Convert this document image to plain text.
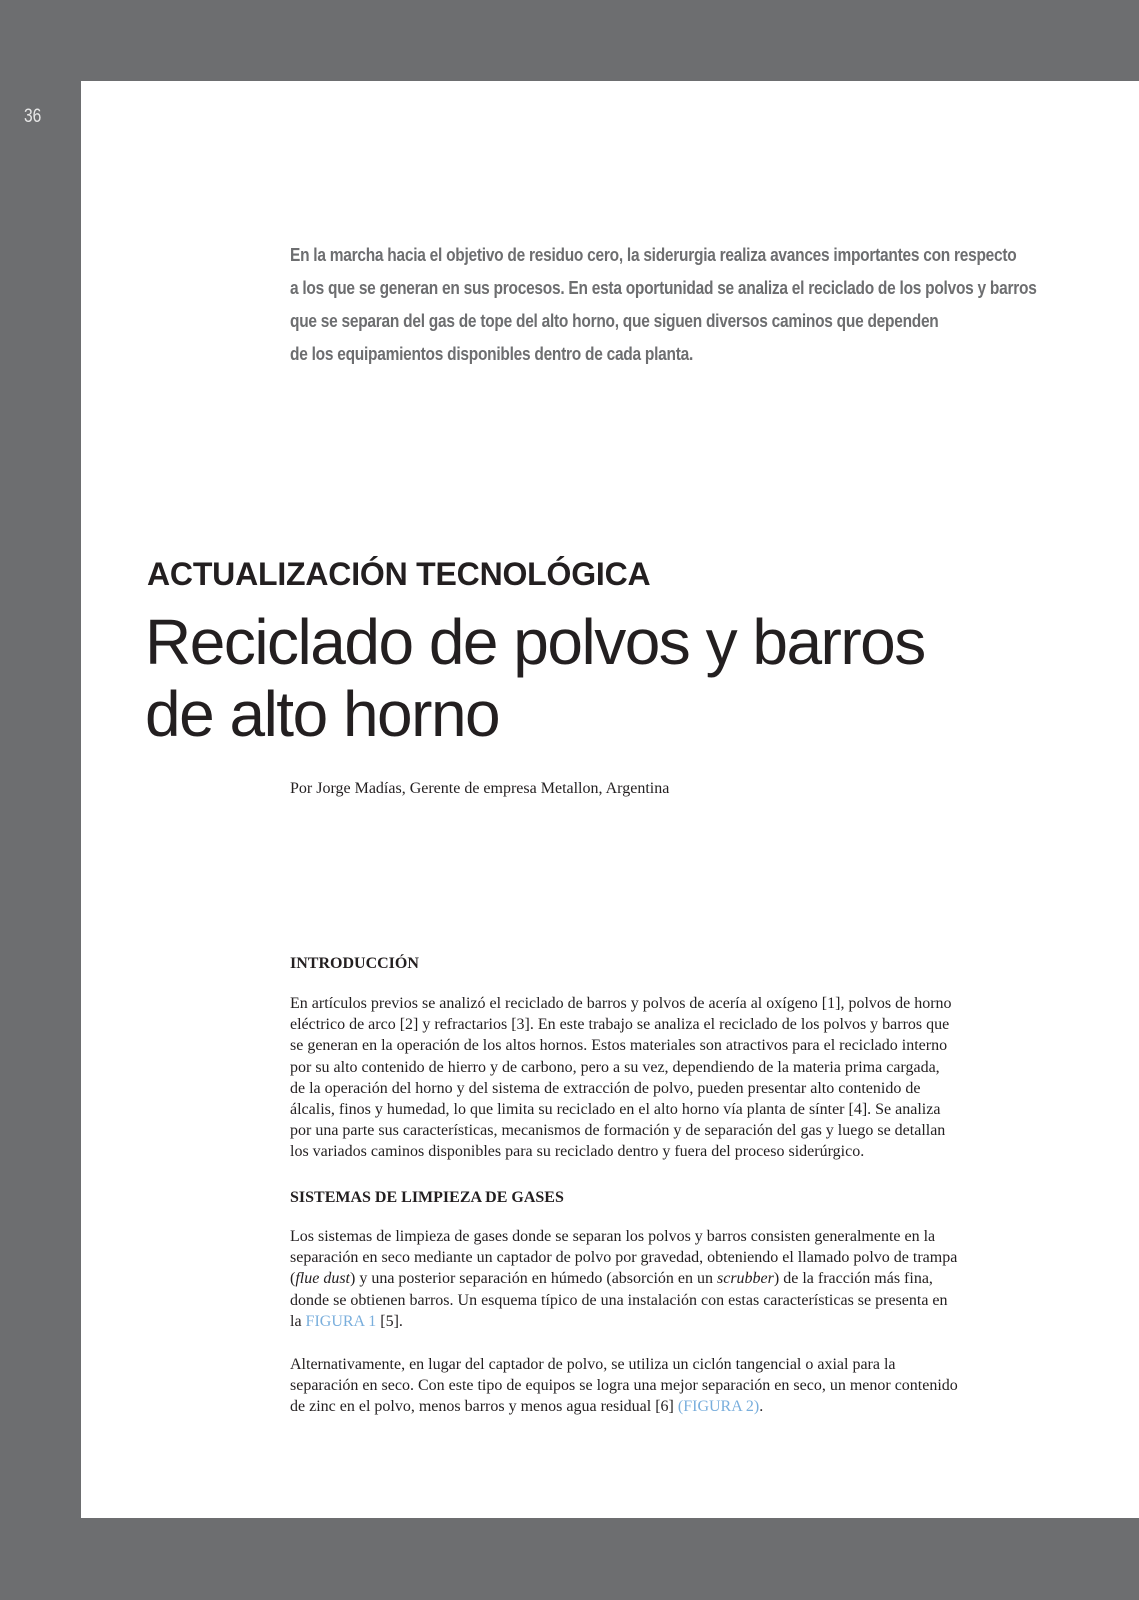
36

En la marcha hacia el objetivo de residuo cero, la siderurgia realiza avances importantes con respecto

a los que se generan en sus procesos. En esta oportunidad se analiza el reciclado de los polvos y barros

que se separan del gas de tope del alto horno, que siguen diversos caminos que dependen

de los equipamientos disponibles dentro de cada planta.

ACTUALIZACIÓN TECNOLÓGICA
Reciclado de polvos y barros
de alto horno

Por Jorge Madías, Gerente de empresa Metallon, Argentina

INTRODUCCIÓN
En artículos previos se analizó el reciclado de barros y polvos de acería al oxígeno [1], polvos de horno
eléctrico de arco [2] y refractarios [3]. En este trabajo se analiza el reciclado de los polvos y barros que
se generan en la operación de los altos hornos. Estos materiales son atractivos para el reciclado interno
por su alto contenido de hierro y de carbono, pero a su vez, dependiendo de la materia prima cargada,
de la operación del horno y del sistema de extracción de polvo, pueden presentar alto contenido de
álcalis, finos y humedad, lo que limita su reciclado en el alto horno vía planta de sínter [4]. Se analiza
por una parte sus características, mecanismos de formación y de separación del gas y luego se detallan
los variados caminos disponibles para su reciclado dentro y fuera del proceso siderúrgico.
SISTEMAS DE LIMPIEZA DE GASES
Los sistemas de limpieza de gases donde se separan los polvos y barros consisten generalmente en la
separación en seco mediante un captador de polvo por gravedad, obteniendo el llamado polvo de trampa
(flue dust) y una posterior separación en húmedo (absorción en un scrubber) de la fracción más fina,
donde se obtienen barros. Un esquema típico de una instalación con estas características se presenta en
la FIGURA 1 [5].
Alternativamente, en lugar del captador de polvo, se utiliza un ciclón tangencial o axial para la
separación en seco. Con este tipo de equipos se logra una mejor separación en seco, un menor contenido
de zinc en el polvo, menos barros y menos agua residual [6] (FIGURA 2).
